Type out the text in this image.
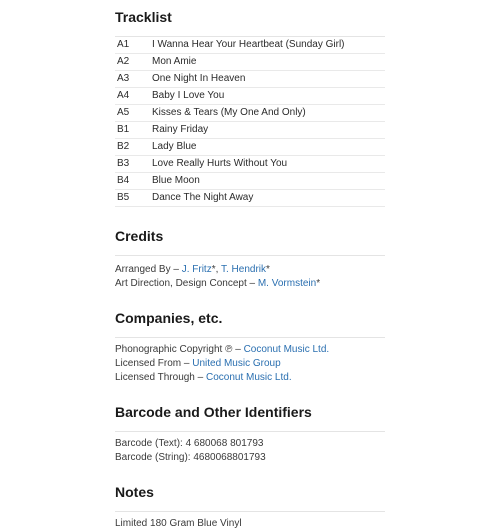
Tracklist
A1	I Wanna Hear Your Heartbeat (Sunday Girl)
A2	Mon Amie
A3	One Night In Heaven
A4	Baby I Love You
A5	Kisses & Tears (My One And Only)
B1	Rainy Friday
B2	Lady Blue
B3	Love Really Hurts Without You
B4	Blue Moon
B5	Dance The Night Away
Credits
Arranged By – J. Fritz*, T. Hendrik*
Art Direction, Design Concept – M. Vormstein*
Companies, etc.
Phonographic Copyright ℗ – Coconut Music Ltd.
Licensed From – United Music Group
Licensed Through – Coconut Music Ltd.
Barcode and Other Identifiers
Barcode (Text): 4 680068 801793
Barcode (String): 4680068801793
Notes
Limited 180 Gram Blue Vinyl
